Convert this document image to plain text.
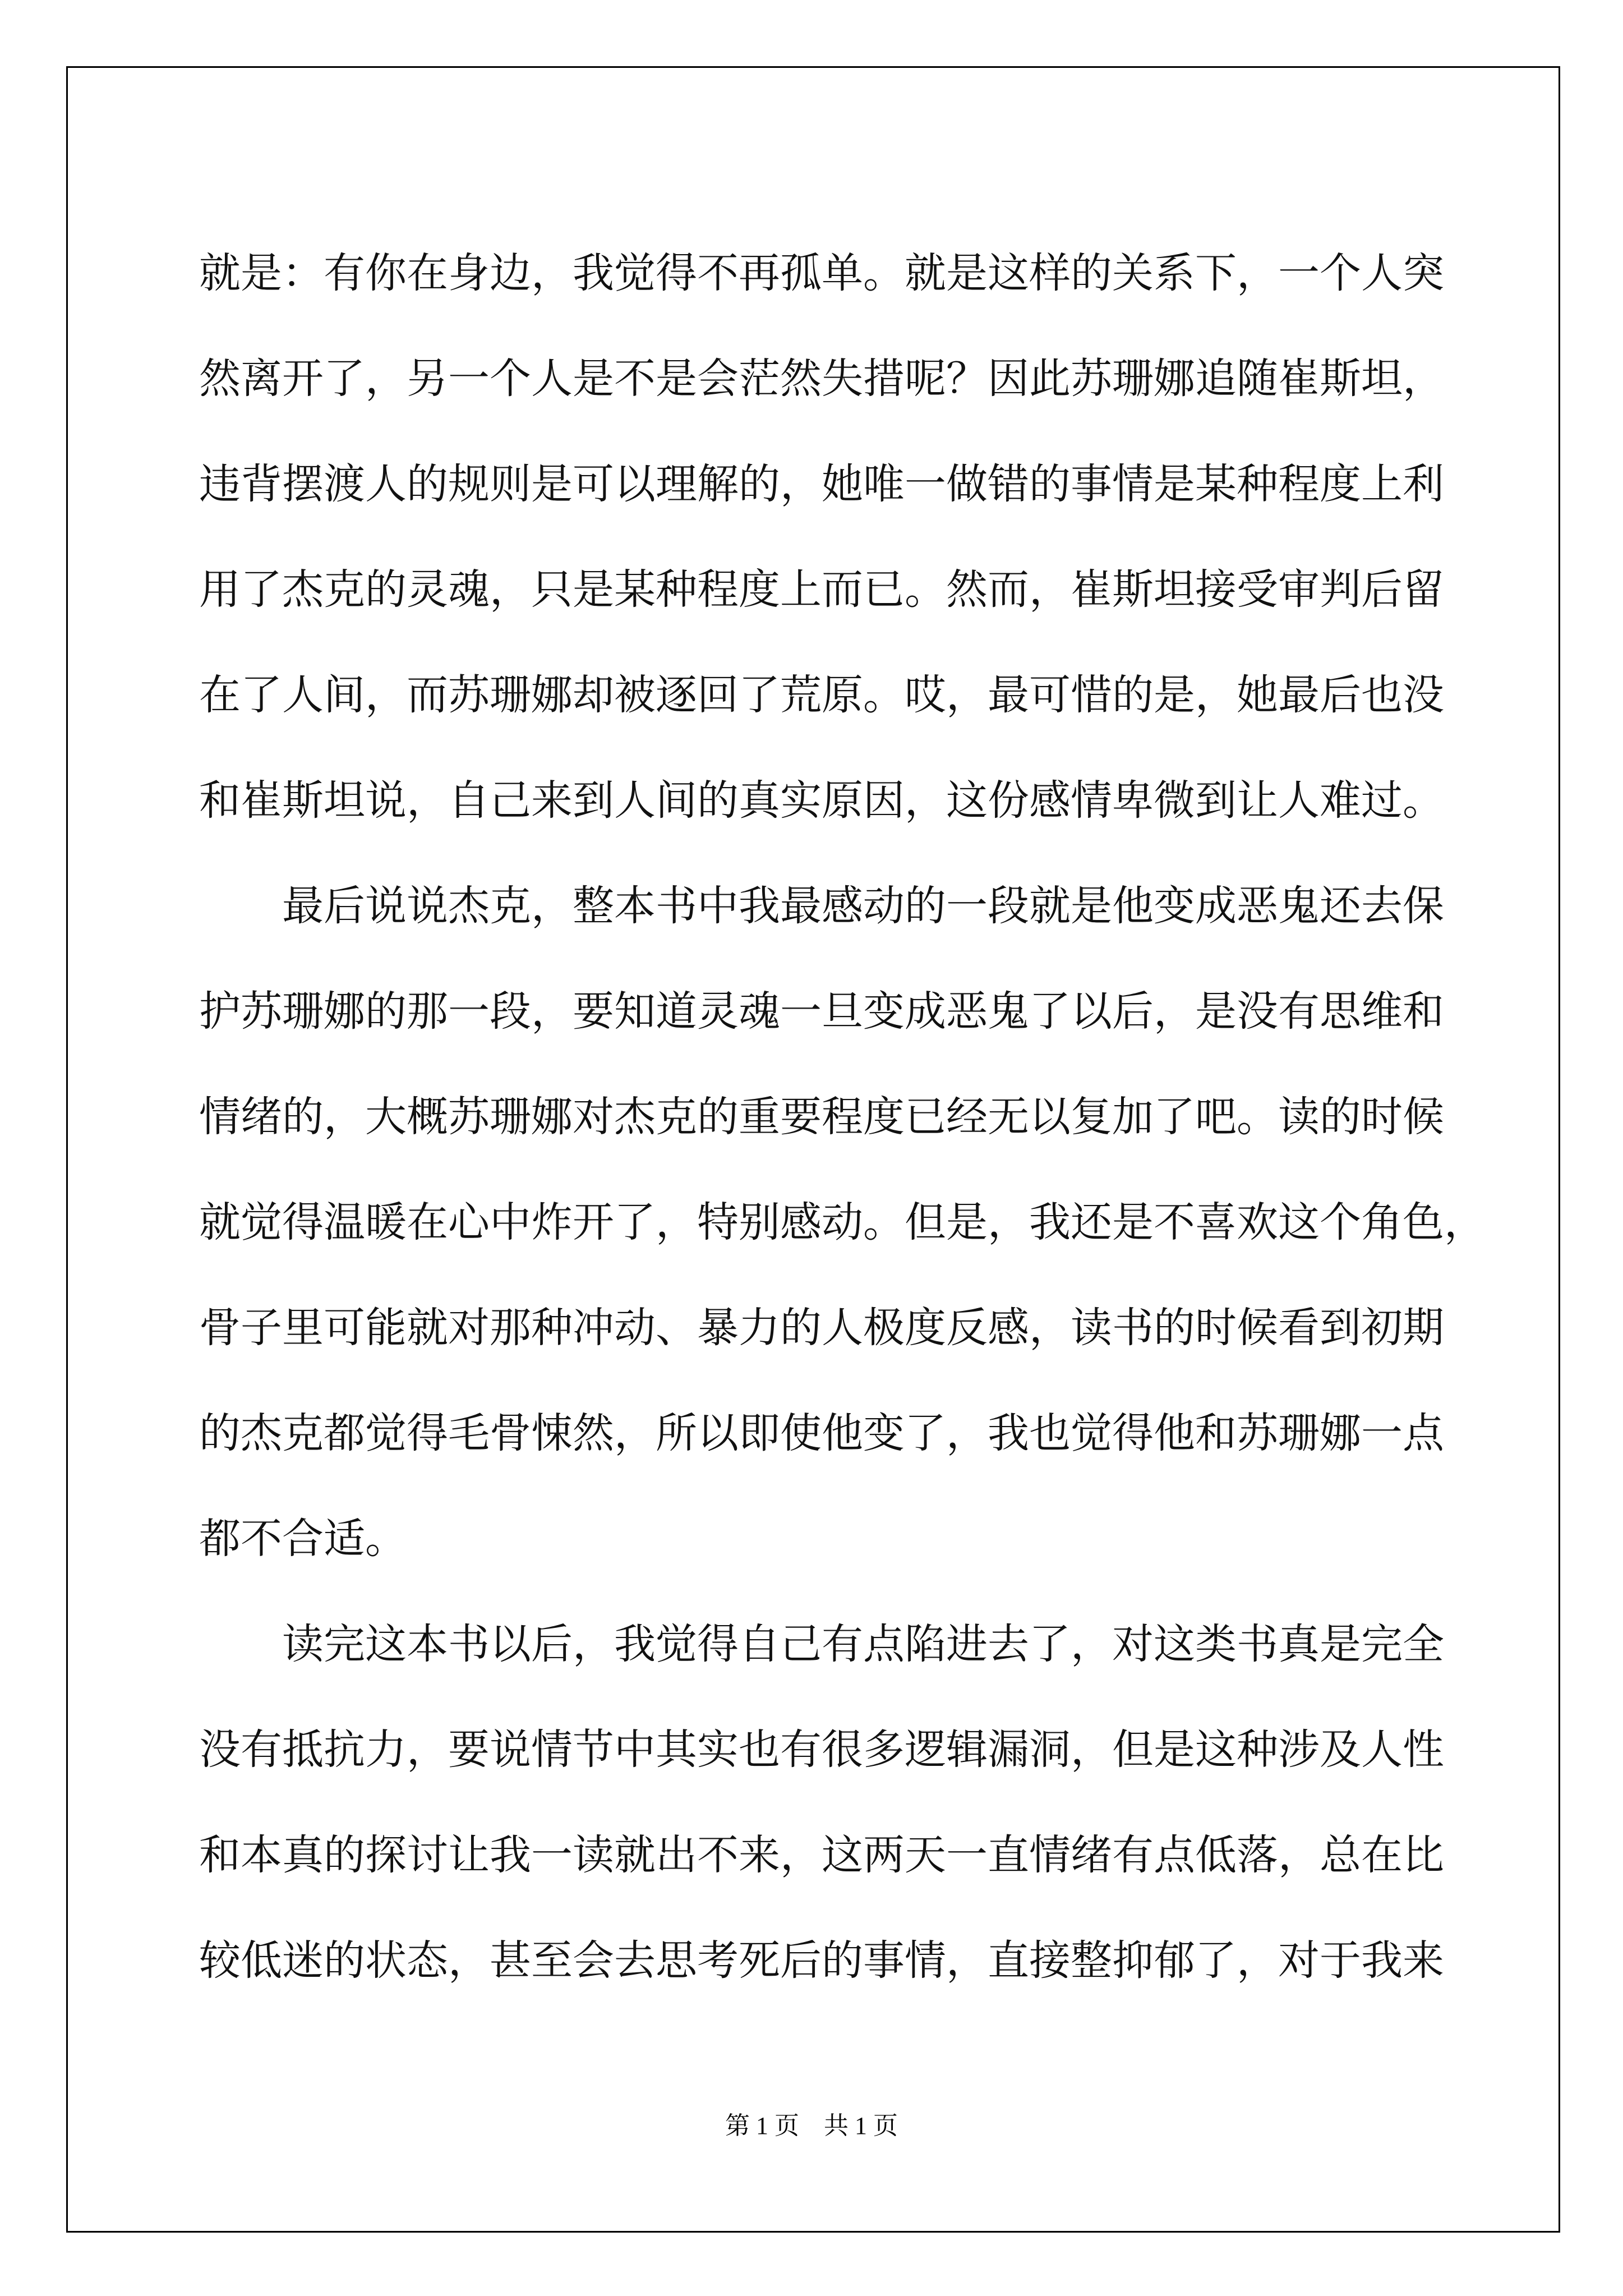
就是：有你在身边，我觉得不再孤单。就是这样的关系下，一个人突
然离开了，另一个人是不是会茫然失措呢？因此苏珊娜追随崔斯坦，
违背摆渡人的规则是可以理解的，她唯一做错的事情是某种程度上利
用了杰克的灵魂，只是某种程度上而已。然而，崔斯坦接受审判后留
在了人间，而苏珊娜却被逐回了荒原。哎，最可惜的是，她最后也没
和崔斯坦说，自己来到人间的真实原因，这份感情卑微到让人难过。
最后说说杰克，整本书中我最感动的一段就是他变成恶鬼还去保
护苏珊娜的那一段，要知道灵魂一旦变成恶鬼了以后，是没有思维和
情绪的，大概苏珊娜对杰克的重要程度已经无以复加了吧。读的时候
就觉得温暖在心中炸开了，特别感动。但是，我还是不喜欢这个角色，
骨子里可能就对那种冲动、暴力的人极度反感，读书的时候看到初期
的杰克都觉得毛骨悚然，所以即使他变了，我也觉得他和苏珊娜一点
都不合适。
读完这本书以后，我觉得自己有点陷进去了，对这类书真是完全
没有抵抗力，要说情节中其实也有很多逻辑漏洞，但是这种涉及人性
和本真的探讨让我一读就出不来，这两天一直情绪有点低落，总在比
较低迷的状态，甚至会去思考死后的事情，直接整抑郁了，对于我来
第 1 页    共 1 页
